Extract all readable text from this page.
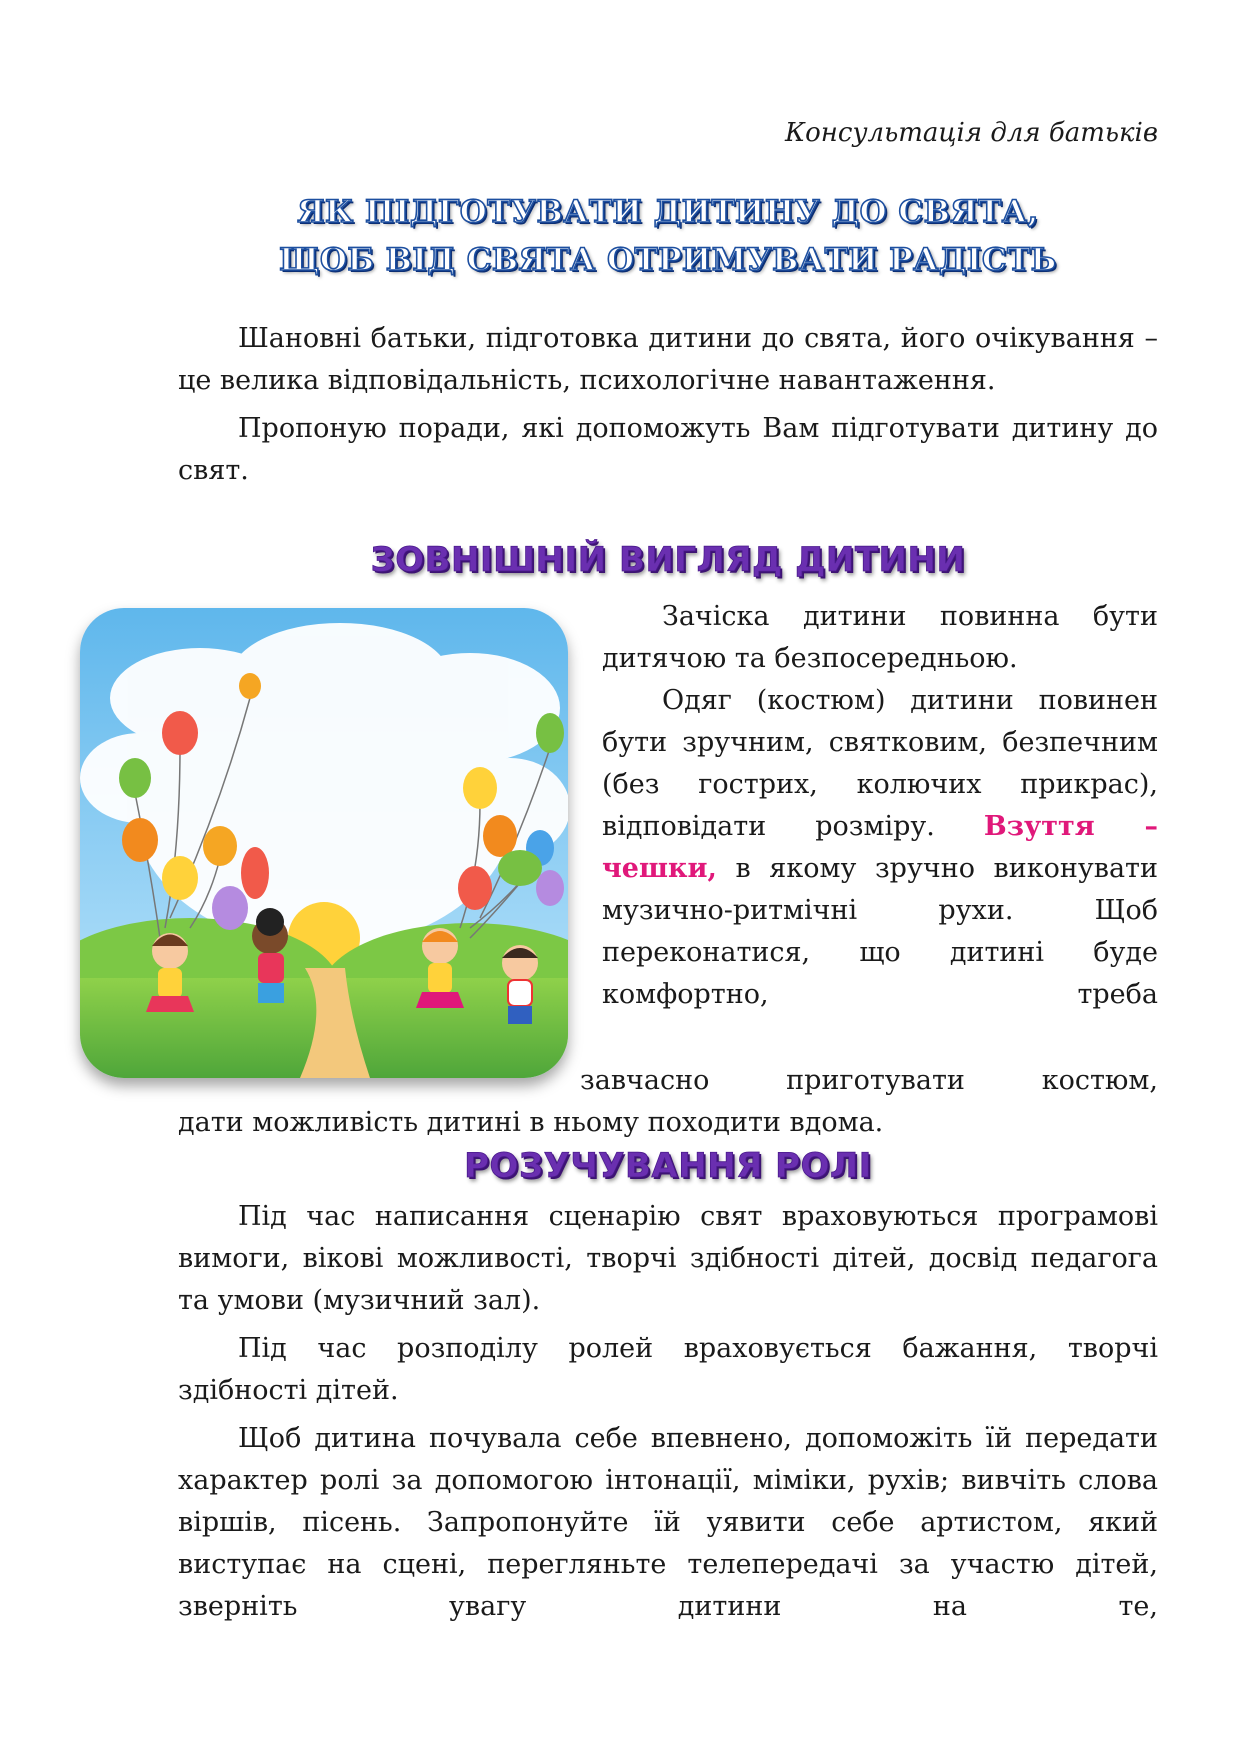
Консультація для батьків
ЯК ПІДГОТУВАТИ ДИТИНУ ДО СВЯТА,
ЩОБ ВІД СВЯТА ОТРИМУВАТИ РАДІСТЬ

Шановні батьки, підготовка дитини до свята, його очікування – це велика відповідальність, психологічне навантаження.

Пропоную поради, які допоможуть Вам підготувати дитину до свят.

ЗОВНІШНІЙ ВИГЛЯД ДИТИНИ

Зачіска дитини повинна бути дитячою та безпосередньою.

Одяг (костюм) дитини повинен бути зручним, святковим, безпечним (без гострих, колючих прикрас), відповідати розміру. Взуття – чешки, в якому зручно виконувати музично-ритмічні рухи. Щоб переконатися, що дитині буде комфортно, треба

завчасно приготувати костюм,

дати можливість дитині в ньому походити вдома.

РОЗУЧУВАННЯ РОЛІ

Під час написання сценарію свят враховуються програмові вимоги, вікові можливості, творчі здібності дітей, досвід педагога та умови (музичний зал).

Під час розподілу ролей враховується бажання, творчі здібності дітей.

Щоб дитина почувала себе впевнено, допоможіть їй передати характер ролі за допомогою інтонації, міміки, рухів; вивчіть слова віршів, пісень. Запропонуйте їй уявити себе артистом, який виступає на сцені, перегляньте телепередачі за участю дітей, зверніть увагу дитини на те,
